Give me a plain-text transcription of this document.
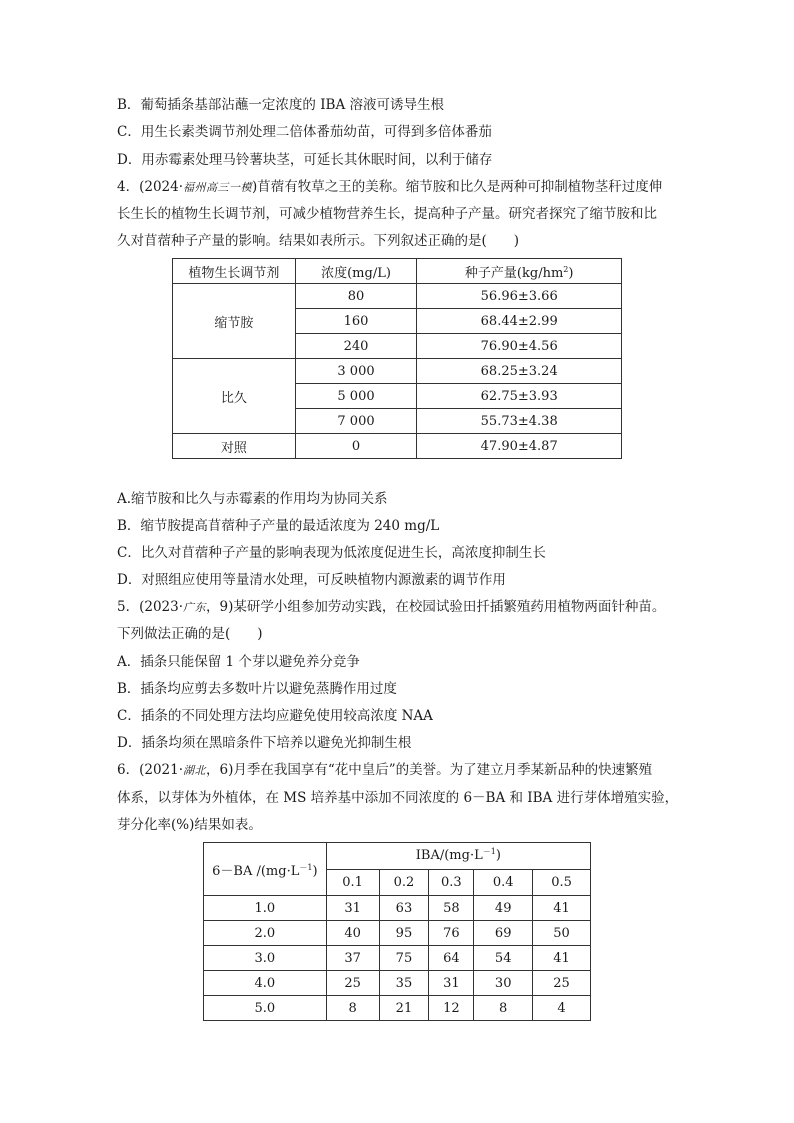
B．葡萄插条基部沾蘸一定浓度的 IBA 溶液可诱导生根
C．用生长素类调节剂处理二倍体番茄幼苗，可得到多倍体番茄
D．用赤霉素处理马铃薯块茎，可延长其休眠时间，以利于储存
4．(2024·福州高三一模)苜蓿有牧草之王的美称。缩节胺和比久是两种可抑制植物茎秆过度伸
长生长的植物生长调节剂，可减少植物营养生长，提高种子产量。研究者探究了缩节胺和比
久对苜蓿种子产量的影响。结果如表所示。下列叙述正确的是(　　)
植物生长调节剂	浓度(mg/L)	种子产量$(kg/hm^2)$
缩节胺	80	56.96±3.66
	160	68.44±2.99
	240	76.90±4.56
比久	3 000	68.25±3.24
	5 000	62.75±3.93
	7 000	55.73±4.38
对照	0	47.90±4.87
A.缩节胺和比久与赤霉素的作用均为协同关系
B．缩节胺提高苜蓿种子产量的最适浓度为 240 mg/L
C．比久对苜蓿种子产量的影响表现为低浓度促进生长，高浓度抑制生长
D．对照组应使用等量清水处理，可反映植物内源激素的调节作用
5．(2023·广东，9)某研学小组参加劳动实践，在校园试验田扦插繁殖药用植物两面针种苗。
下列做法正确的是(　　)
A．插条只能保留 1 个芽以避免养分竞争
B．插条均应剪去多数叶片以避免蒸腾作用过度
C．插条的不同处理方法均应避免使用较高浓度 NAA
D．插条均须在黑暗条件下培养以避免光抑制生根
6．(2021·湖北，6)月季在我国享有“花中皇后”的美誉。为了建立月季某新品种的快速繁殖
体系，以芽体为外植体，在 MS 培养基中添加不同浓度的 6－BA 和 IBA 进行芽体增殖实验，
芽分化率(%)结果如表。
6－BA $/(mg\cdot L^{-1})$	IBA/$(mg\cdot L^{-1})$				
	0.1	0.2	0.3	0.4	0.5
1.0	31	63	58	49	41
2.0	40	95	76	69	50
3.0	37	75	64	54	41
4.0	25	35	31	30	25
5.0	8	21	12	8	4
